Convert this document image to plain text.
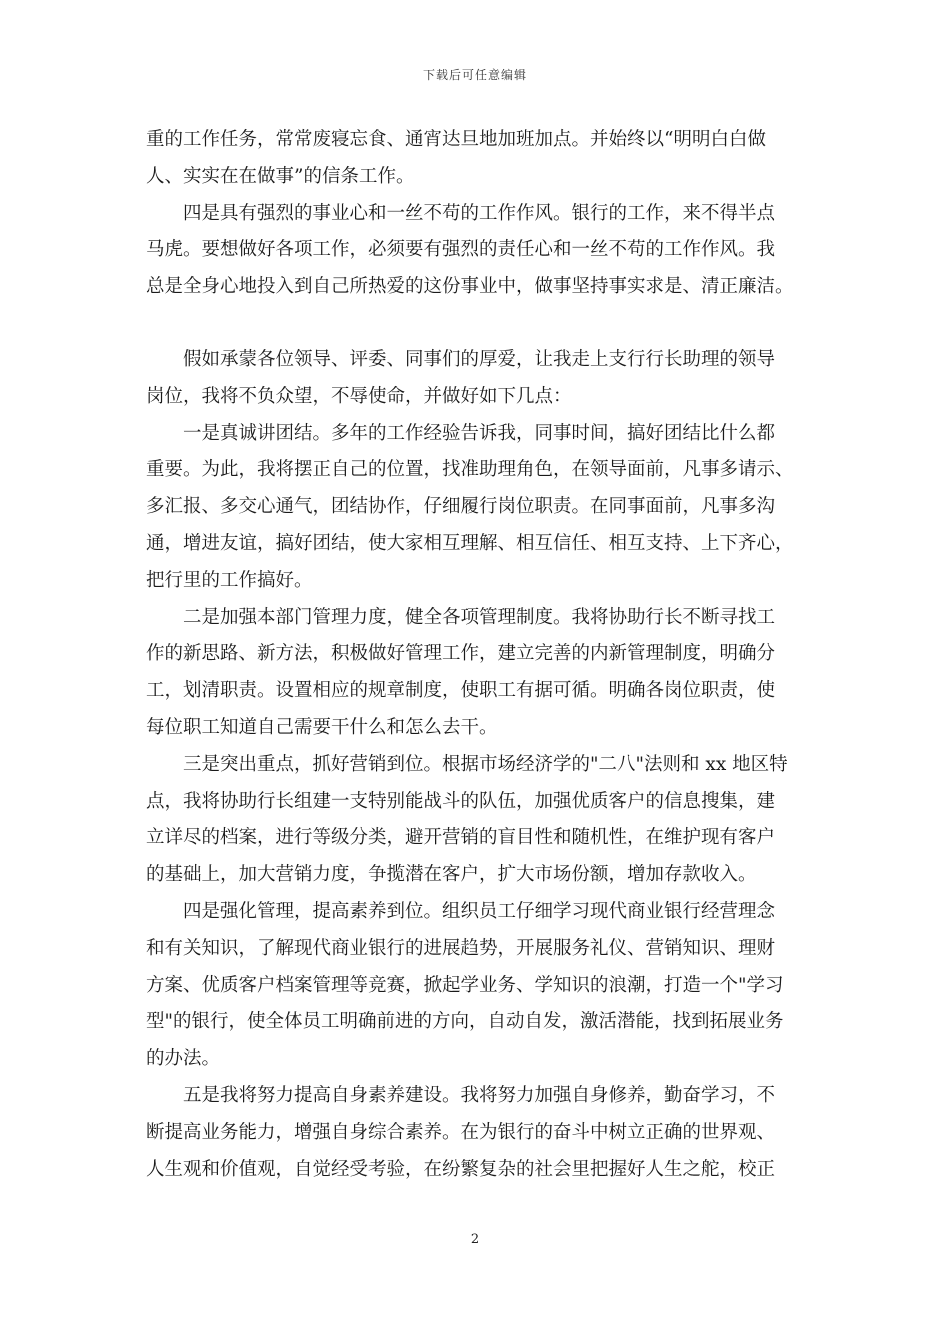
下载后可任意编辑
重的工作任务，常常废寝忘食、通宵达旦地加班加点。并始终以“明明白白做
人、实实在在做事”的信条工作。
四是具有强烈的事业心和一丝不苟的工作作风。银行的工作，来不得半点
马虎。要想做好各项工作，必须要有强烈的责任心和一丝不苟的工作作风。我
总是全身心地投入到自己所热爱的这份事业中，做事坚持事实求是、清正廉洁。
假如承蒙各位领导、评委、同事们的厚爱，让我走上支行行长助理的领导
岗位，我将不负众望，不辱使命，并做好如下几点：
一是真诚讲团结。多年的工作经验告诉我，同事时间，搞好团结比什么都
重要。为此，我将摆正自己的位置，找准助理角色，在领导面前，凡事多请示、
多汇报、多交心通气，团结协作，仔细履行岗位职责。在同事面前，凡事多沟
通，增进友谊，搞好团结，使大家相互理解、相互信任、相互支持、上下齐心，
把行里的工作搞好。
二是加强本部门管理力度，健全各项管理制度。我将协助行长不断寻找工
作的新思路、新方法，积极做好管理工作，建立完善的内新管理制度，明确分
工，划清职责。设置相应的规章制度，使职工有据可循。明确各岗位职责，使
每位职工知道自己需要干什么和怎么去干。
三是突出重点，抓好营销到位。根据市场经济学的"二八"法则和 xx 地区特
点，我将协助行长组建一支特别能战斗的队伍，加强优质客户的信息搜集，建
立详尽的档案，进行等级分类，避开营销的盲目性和随机性，在维护现有客户
的基础上，加大营销力度，争揽潜在客户，扩大市场份额，增加存款收入。
四是强化管理，提高素养到位。组织员工仔细学习现代商业银行经营理念
和有关知识，了解现代商业银行的进展趋势，开展服务礼仪、营销知识、理财
方案、优质客户档案管理等竞赛，掀起学业务、学知识的浪潮，打造一个"学习
型"的银行，使全体员工明确前进的方向，自动自发，激活潜能，找到拓展业务
的办法。
五是我将努力提高自身素养建设。我将努力加强自身修养，勤奋学习，不
断提高业务能力，增强自身综合素养。在为银行的奋斗中树立正确的世界观、
人生观和价值观，自觉经受考验，在纷繁复杂的社会里把握好人生之舵，校正
2
